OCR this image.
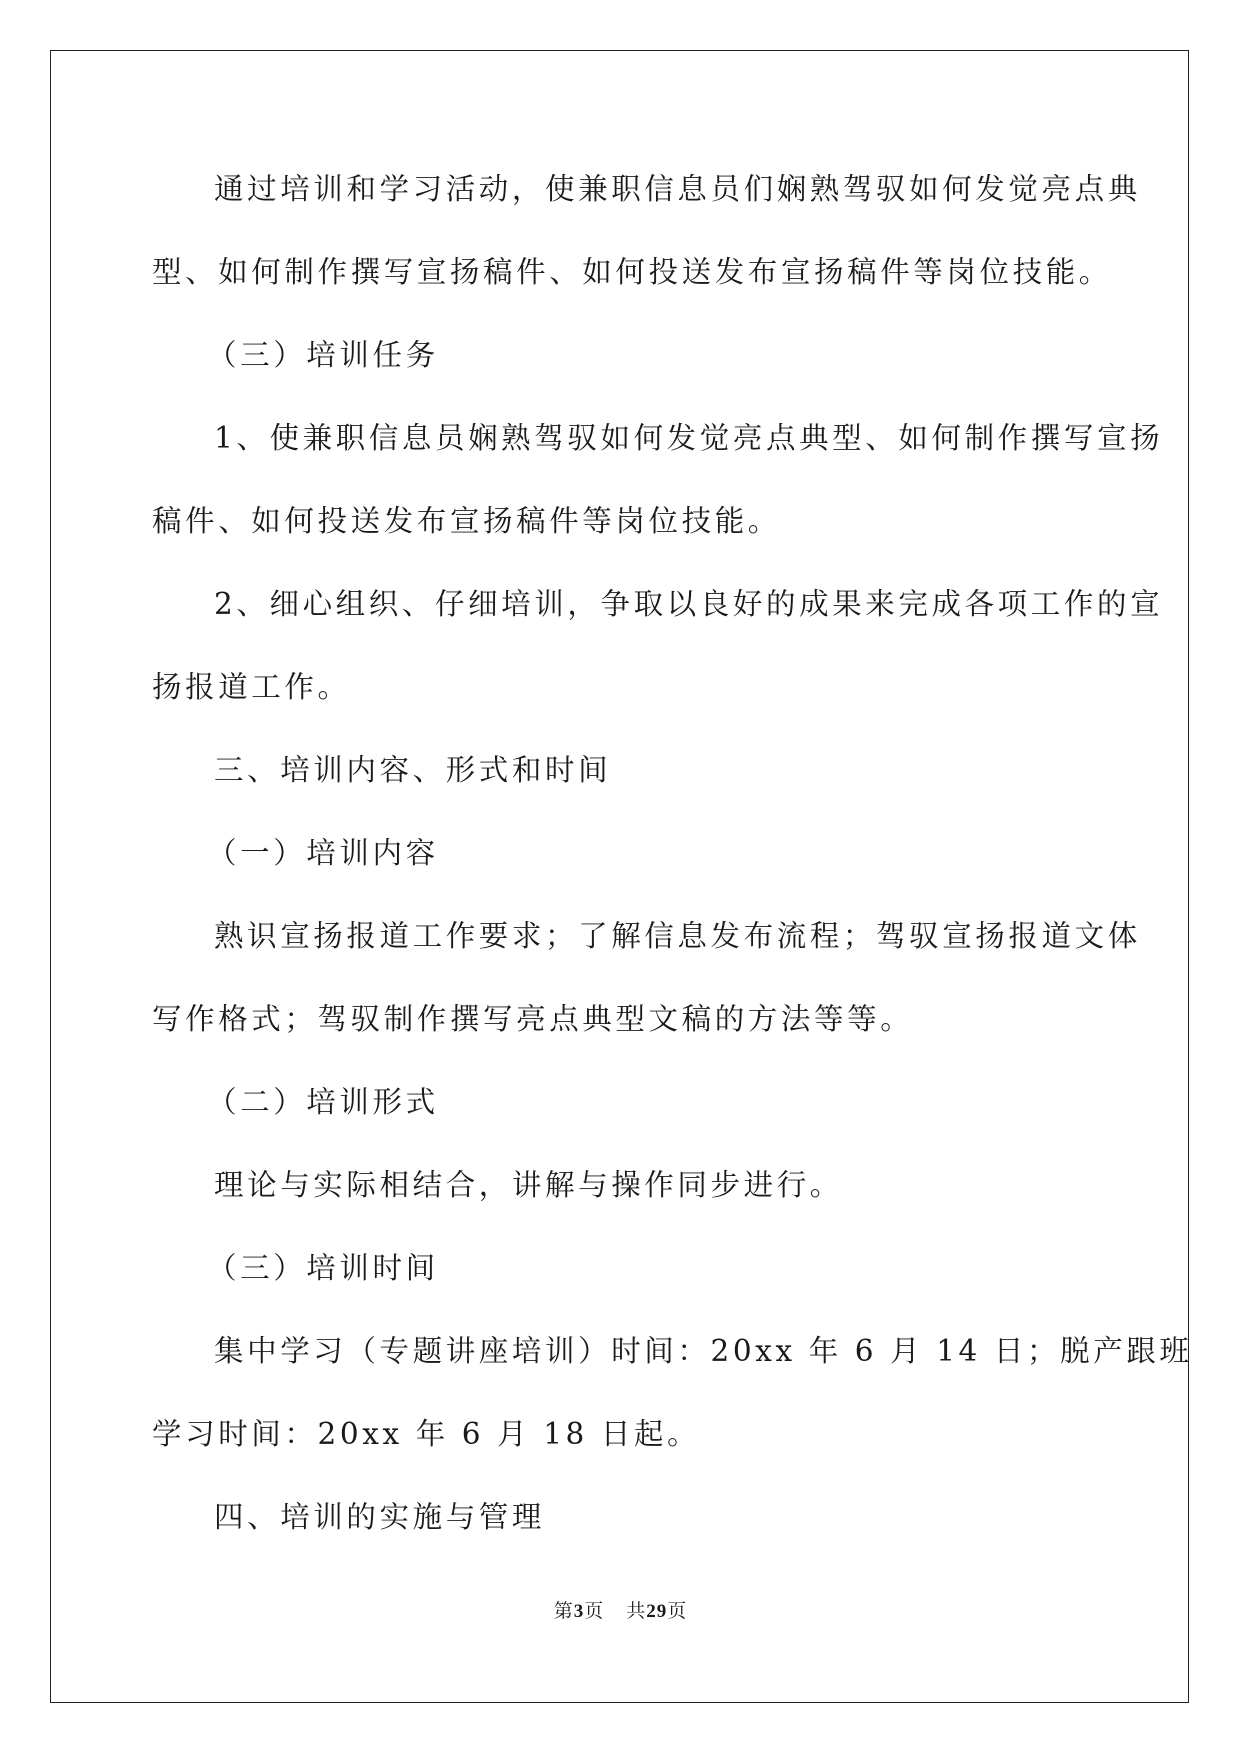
通过培训和学习活动，使兼职信息员们娴熟驾驭如何发觉亮点典
型、如何制作撰写宣扬稿件、如何投送发布宣扬稿件等岗位技能。

（三）培训任务

1、使兼职信息员娴熟驾驭如何发觉亮点典型、如何制作撰写宣扬
稿件、如何投送发布宣扬稿件等岗位技能。

2、细心组织、仔细培训，争取以良好的成果来完成各项工作的宣
扬报道工作。

三、培训内容、形式和时间

（一）培训内容

熟识宣扬报道工作要求；了解信息发布流程；驾驭宣扬报道文体
写作格式；驾驭制作撰写亮点典型文稿的方法等等。

（二）培训形式

理论与实际相结合，讲解与操作同步进行。

（三）培训时间

集中学习（专题讲座培训）时间：20xx 年 6 月 14 日；脱产跟班
学习时间：20xx 年 6 月 18 日起。

四、培训的实施与管理

第3页 共29页
